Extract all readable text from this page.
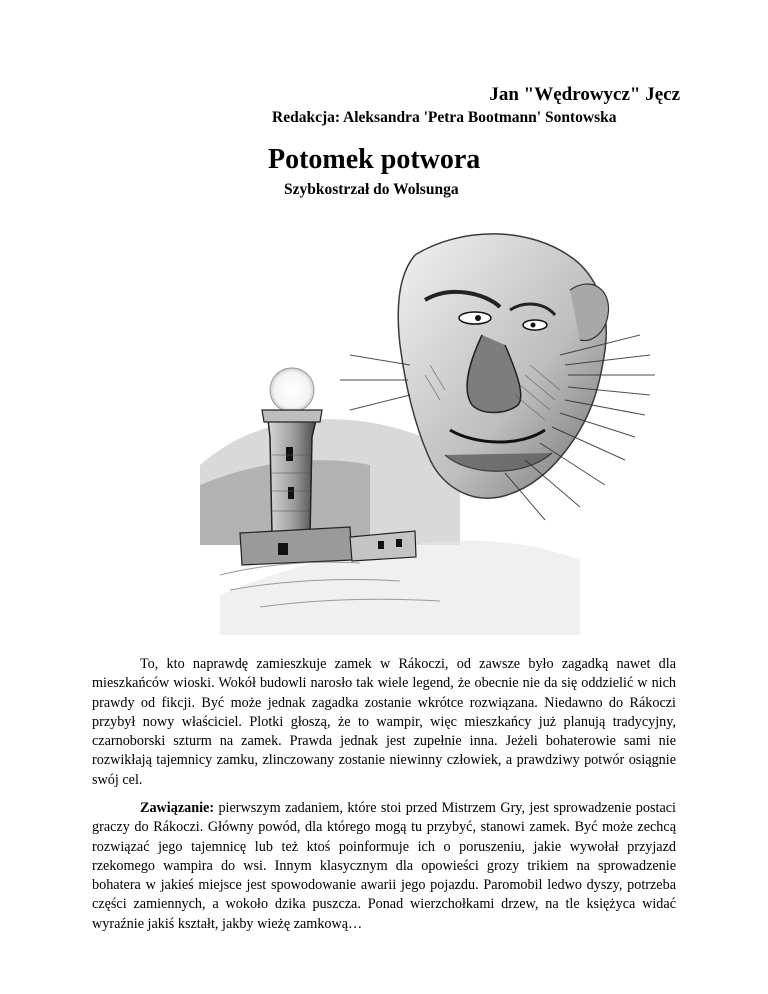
Jan "Wędrowycz" Jęcz
Redakcja: Aleksandra 'Petra Bootmann' Sontowska
Potomek potwora
Szybkostrzał do Wolsunga

To, kto naprawdę zamieszkuje zamek w Rákoczi, od zawsze było zagadką nawet dla mieszkańców wioski. Wokół budowli narosło tak wiele legend, że obecnie nie da się oddzielić w nich prawdy od fikcji. Być może jednak zagadka zostanie wkrótce rozwiązana. Niedawno do Rákoczi przybył nowy właściciel. Plotki głoszą, że to wampir, więc mieszkańcy już planują tradycyjny, czarnoborski szturm na zamek. Prawda jednak jest zupełnie inna. Jeżeli bohaterowie sami nie rozwikłają tajemnicy zamku, zlinczowany zostanie niewinny człowiek, a prawdziwy potwór osiągnie swój cel.

Zawiązanie: pierwszym zadaniem, które stoi przed Mistrzem Gry, jest sprowadzenie postaci graczy do Rákoczi. Główny powód, dla którego mogą tu przybyć, stanowi zamek. Być może zechcą rozwiązać jego tajemnicę lub też ktoś poinformuje ich o poruszeniu, jakie wywołał przyjazd rzekomego wampira do wsi. Innym klasycznym dla opowieści grozy trikiem na sprowadzenie bohatera w jakieś miejsce jest spowodowanie awarii jego pojazdu. Paromobil ledwo dyszy, potrzeba części zamiennych, a wokoło dzika puszcza. Ponad wierzchołkami drzew, na tle księżyca widać wyraźnie jakiś kształt, jakby wieżę zamkową…
